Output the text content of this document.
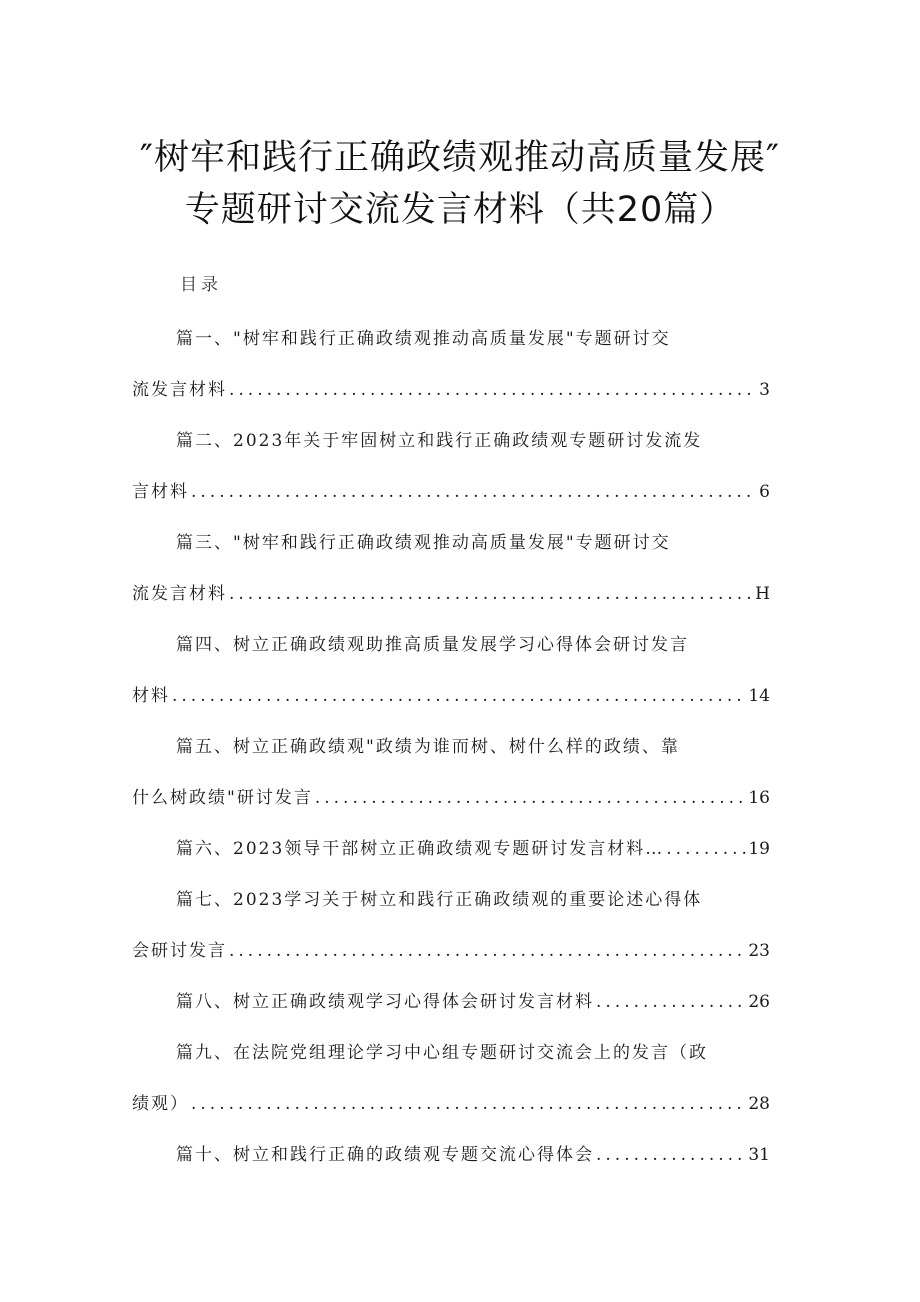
″树牢和践行正确政绩观推动高质量发展″
专题研讨交流发言材料（共20篇）
目录
篇一、"树牢和践行正确政绩观推动高质量发展"专题研讨交
流发言材料 .....	3
篇二、2023年关于牢固树立和践行正确政绩观专题研讨发流发
言材料 .....	6
篇三、"树牢和践行正确政绩观推动高质量发展"专题研讨交
流发言材料 .....	H
篇四、树立正确政绩观助推高质量发展学习心得体会研讨发言
材料 .....	14
篇五、树立正确政绩观"政绩为谁而树、树什么样的政绩、靠
什么树政绩"研讨发言 .....	16
篇六、2023领导干部树立正确政绩观专题研讨发言材料… .....	19
篇七、2023学习关于树立和践行正确政绩观的重要论述心得体
会研讨发言 .....	23
篇八、树立正确政绩观学习心得体会研讨发言材料 .....	26
篇九、在法院党组理论学习中心组专题研讨交流会上的发言（政
绩观） .....	28
篇十、树立和践行正确的政绩观专题交流心得体会 .....	31
